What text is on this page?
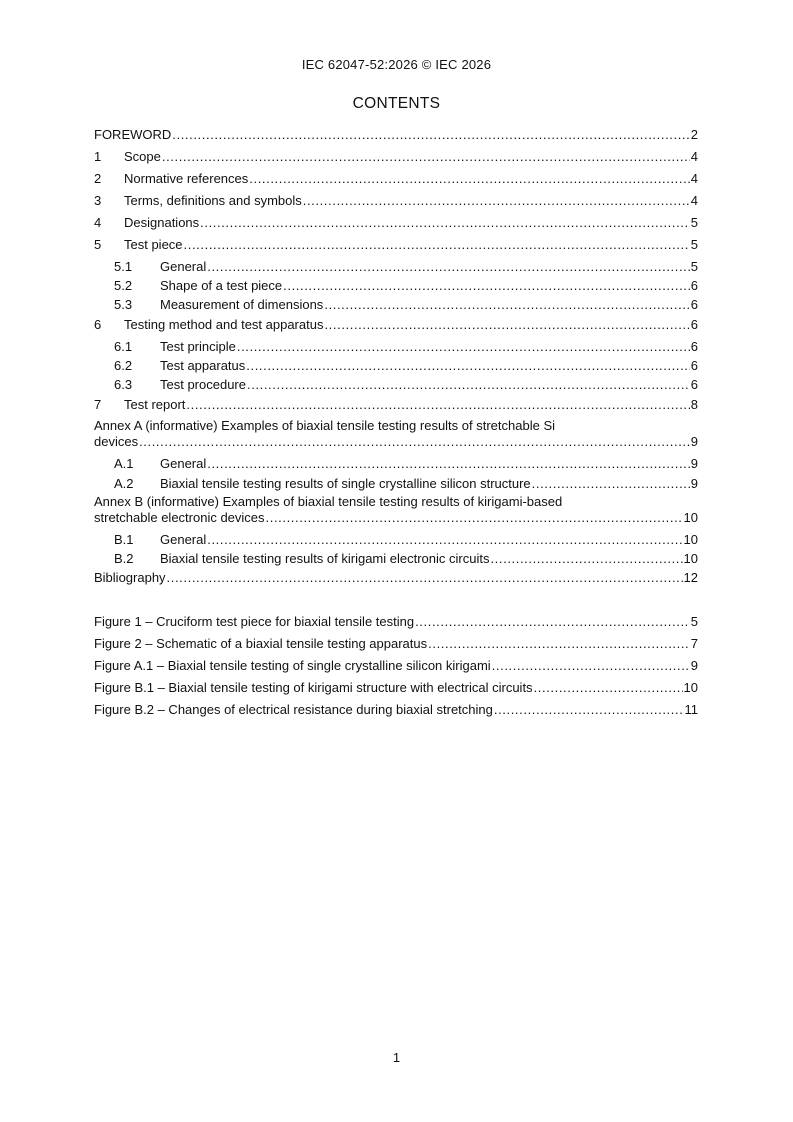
IEC 62047-52:2026 © IEC 2026
CONTENTS
FOREWORD .....	2
1	Scope .....	4
2	Normative references .....	4
3	Terms, definitions and symbols .....	4
4	Designations .....	5
5	Test piece .....	5
5.1	General .....	5
5.2	Shape of a test piece .....	6
5.3	Measurement of dimensions .....	6
6	Testing method and test apparatus .....	6
6.1	Test principle .....	6
6.2	Test apparatus .....	6
6.3	Test procedure .....	6
7	Test report .....	8
Annex A (informative) Examples of biaxial tensile testing results of stretchable Si
devices .....	9
A.1	General .....	9
A.2	Biaxial tensile testing results of single crystalline silicon structure .....	9
Annex B (informative) Examples of biaxial tensile testing results of kirigami-based
stretchable electronic devices .....	10
B.1	General .....	10
B.2	Biaxial tensile testing results of kirigami electronic circuits .....	10
Bibliography .....	12
Figure 1 – Cruciform test piece for biaxial tensile testing .....	5
Figure 2 – Schematic of a biaxial tensile testing apparatus .....	7
Figure A.1 – Biaxial tensile testing of single crystalline silicon kirigami .....	9
Figure B.1 – Biaxial tensile testing of kirigami structure with electrical circuits .....	10
Figure B.2 – Changes of electrical resistance during biaxial stretching .....	11
1
